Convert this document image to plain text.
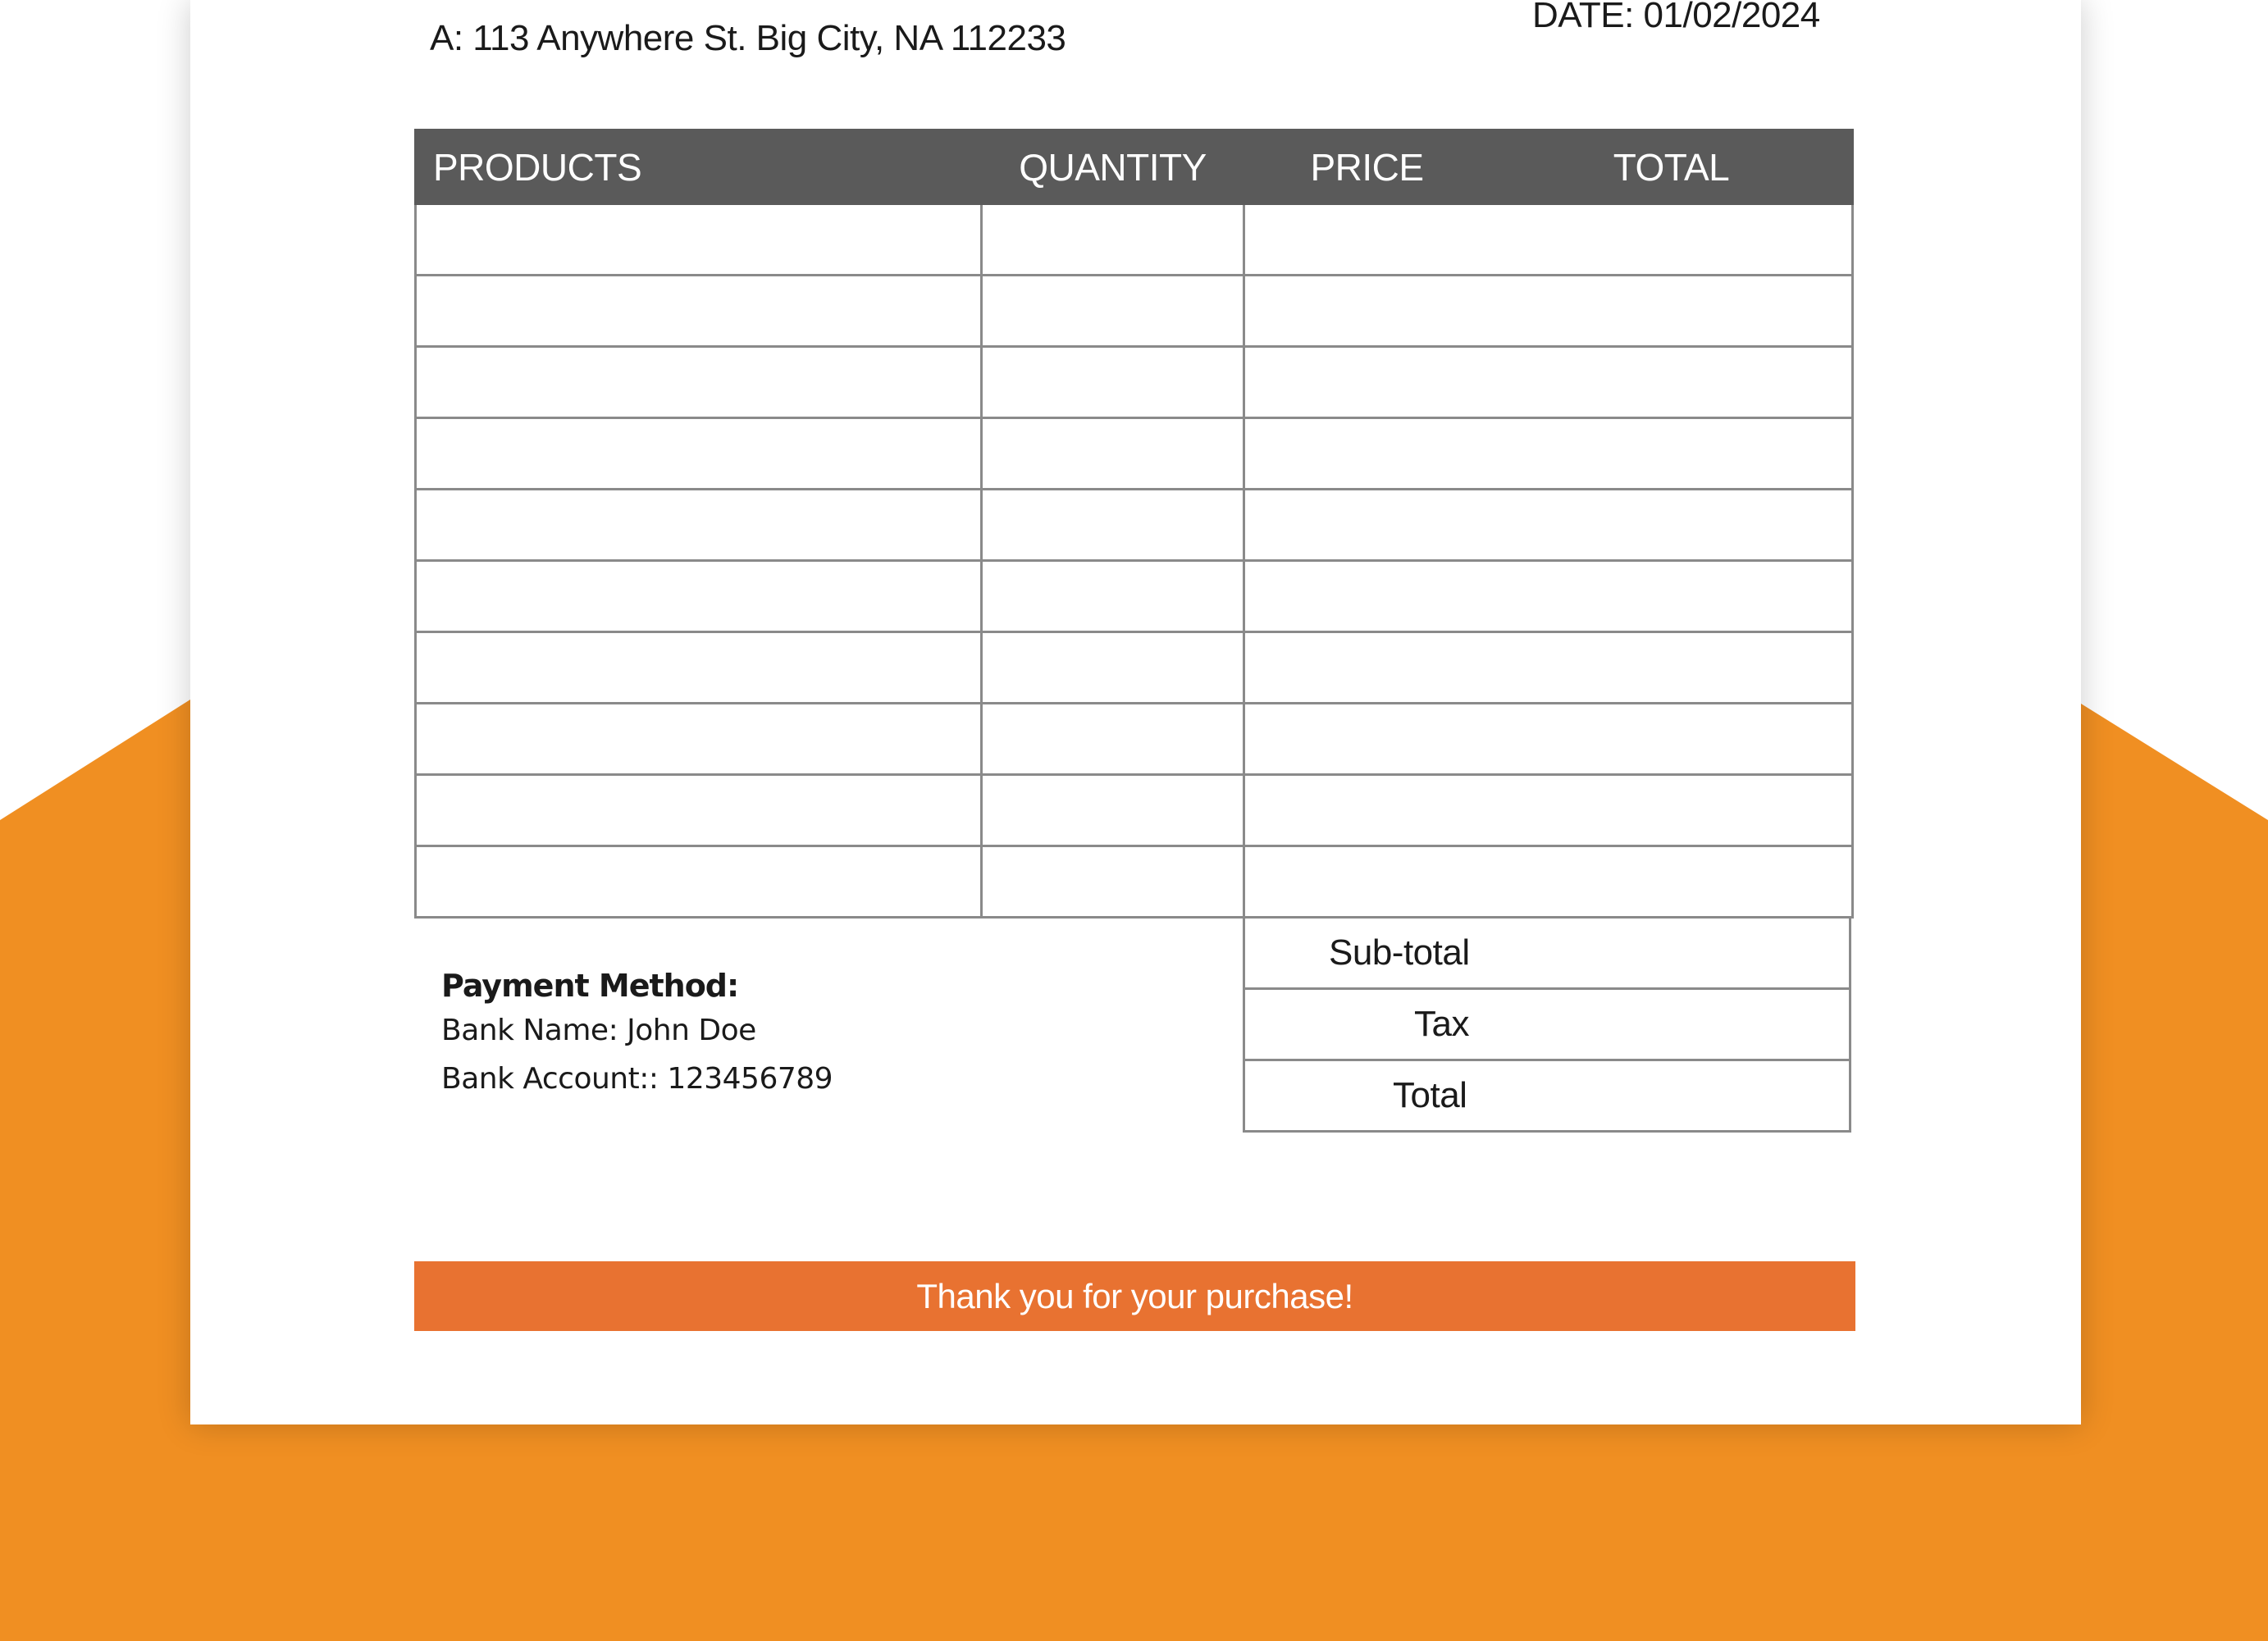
A: 113 Anywhere St. Big City, NA 112233
DATE: 01/02/2024
PRODUCTS	QUANTITY	PRICE	TOTAL

Sub-total
Tax
Total
Payment Method:
Bank Name: John Doe
Bank Account:: 123456789
Thank you for your purchase!
